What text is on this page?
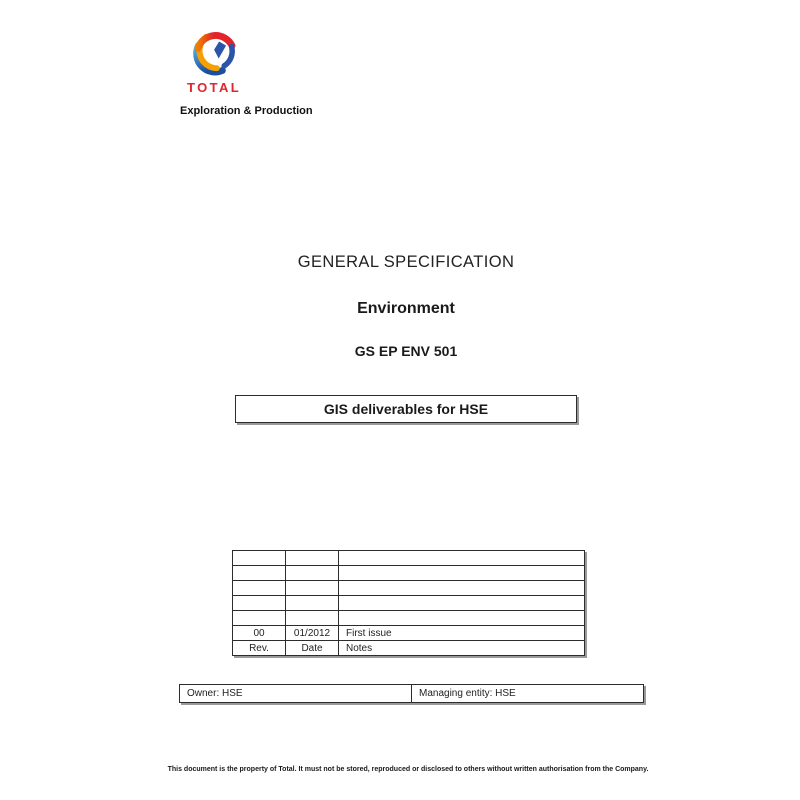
TOTAL
Exploration & Production
GENERAL SPECIFICATION
Environment
GS EP ENV 501
GIS deliverables for HSE

00	01/2012	First issue
Rev.	Date	Notes
Owner: HSE	Managing entity: HSE
This document is the property of Total. It must not be stored, reproduced or disclosed to others without written authorisation from the Company.
